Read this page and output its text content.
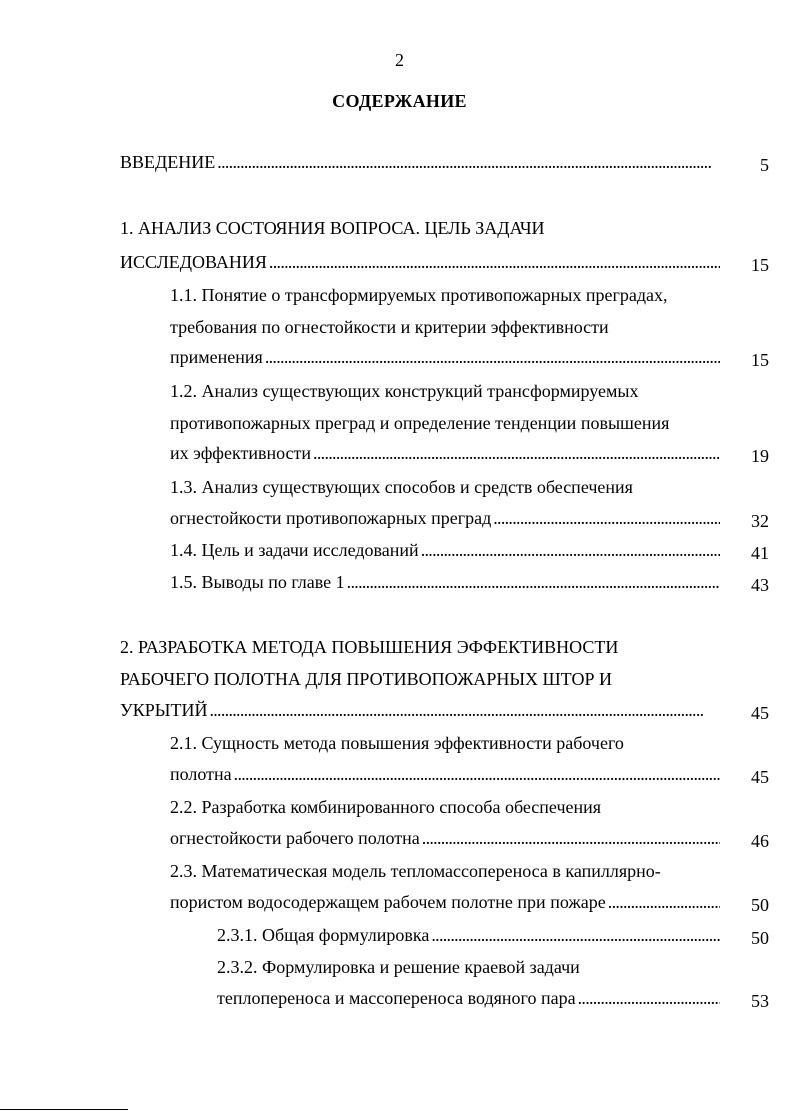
2
СОДЕРЖАНИЕ
ВВЕДЕНИЕ . . .	5
1. АНАЛИЗ СОСТОЯНИЯ ВОПРОСА. ЦЕЛЬ ЗАДАЧИ
ИССЛЕДОВАНИЯ . . .	15
1.1. Понятие о трансформируемых противопожарных преградах,
требования по огнестойкости и критерии эффективности
применения . . .	15
1.2. Анализ существующих конструкций трансформируемых
противопожарных преград и определение тенденции повышения
их эффективности . . .	19
1.3. Анализ существующих способов и средств обеспечения
огнестойкости противопожарных преград . . .	32
1.4. Цель и задачи исследований . . .	41
1.5. Выводы по главе 1 . . .	43
2. РАЗРАБОТКА МЕТОДА ПОВЫШЕНИЯ ЭФФЕКТИВНОСТИ
РАБОЧЕГО ПОЛОТНА ДЛЯ ПРОТИВОПОЖАРНЫХ ШТОР И
УКРЫТИЙ . . .	45
2.1. Сущность метода повышения эффективности рабочего
полотна . . .	45
2.2. Разработка комбинированного способа обеспечения
огнестойкости рабочего полотна . . .	46
2.3. Математическая модель тепломассопереноса в капиллярно-
пористом водосодержащем рабочем полотне при пожаре . . .	50
2.3.1. Общая формулировка . . .	50
2.3.2. Формулировка и решение краевой задачи
теплопереноса и массопереноса водяного пара . . .	53
